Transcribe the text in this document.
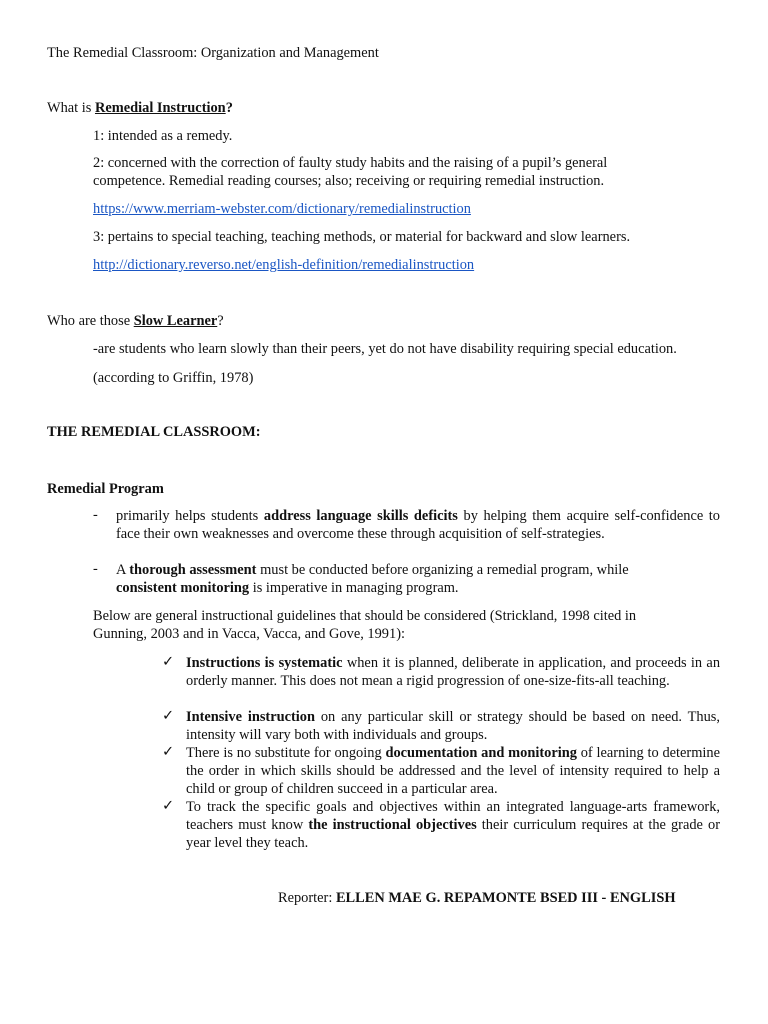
The Remedial Classroom: Organization and Management
What is Remedial Instruction?
1: intended as a remedy.
2: concerned with the correction of faulty study habits and the raising of a pupil’s general competence. Remedial reading courses; also; receiving or requiring remedial instruction.
https://www.merriam-webster.com/dictionary/remedialinstruction
3: pertains to special teaching, teaching methods, or material for backward and slow learners.
http://dictionary.reverso.net/english-definition/remedialinstruction
Who are those Slow Learner?
-are students who learn slowly than their peers, yet do not have disability requiring special education.
(according to Griffin, 1978)
THE REMEDIAL CLASSROOM:
Remedial Program
- primarily helps students address language skills deficits by helping them acquire self-confidence to face their own weaknesses and overcome these through acquisition of self-strategies.
- A thorough assessment must be conducted before organizing a remedial program, while consistent monitoring is imperative in managing program.
Below are general instructional guidelines that should be considered (Strickland, 1998 cited in Gunning, 2003 and in Vacca, Vacca, and Gove, 1991):
✓ Instructions is systematic when it is planned, deliberate in application, and proceeds in an orderly manner. This does not mean a rigid progression of one-size-fits-all teaching.
✓ Intensive instruction on any particular skill or strategy should be based on need. Thus, intensity will vary both with individuals and groups.
✓ There is no substitute for ongoing documentation and monitoring of learning to determine the order in which skills should be addressed and the level of intensity required to help a child or group of children succeed in a particular area.
✓ To track the specific goals and objectives within an integrated language-arts framework, teachers must know the instructional objectives their curriculum requires at the grade or year level they teach.
Reporter: ELLEN MAE G. REPAMONTE BSED III - ENGLISH
